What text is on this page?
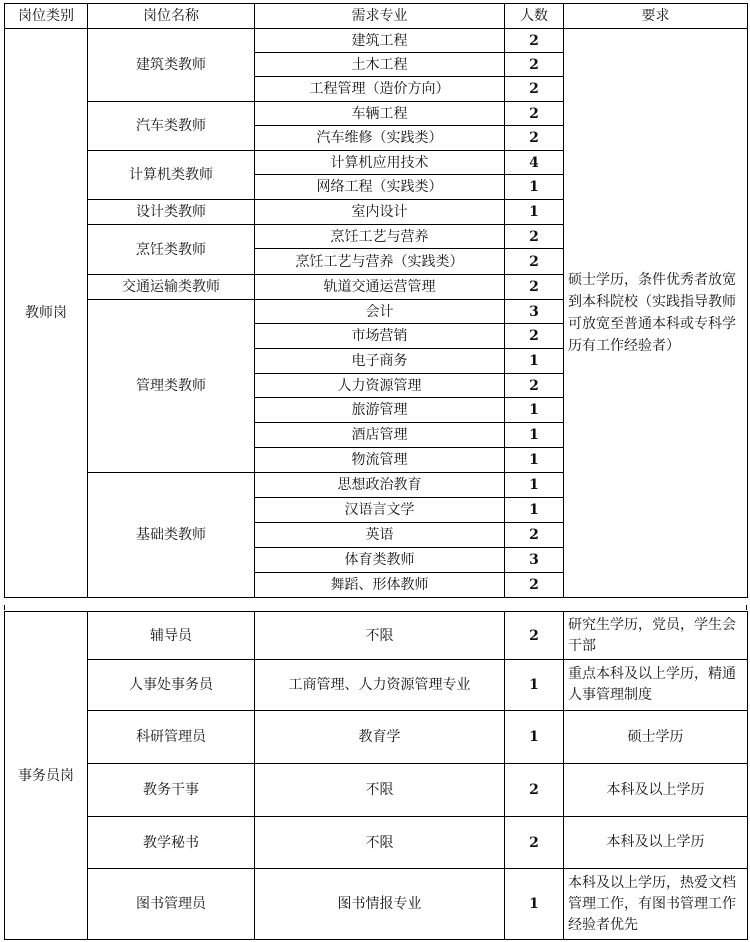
岗位类别	岗位名称	需求专业	人数	要求
教师岗	建筑类教师	建筑工程	2	硕士学历，条件优秀者放宽到本科院校（实践指导教师可放宽至普通本科或专科学历有工作经验者）
		土木工程	2	
		工程管理（造价方向）	2	
	汽车类教师	车辆工程	2	
		汽车维修（实践类）	2	
	计算机类教师	计算机应用技术	4	
		网络工程（实践类）	1	
	设计类教师	室内设计	1	
	烹饪类教师	烹饪工艺与营养	2	
		烹饪工艺与营养（实践类）	2	
	交通运输类教师	轨道交通运营管理	2	
	管理类教师	会计	3	
		市场营销	2	
		电子商务	1	
		人力资源管理	2	
		旅游管理	1	
		酒店管理	1	
		物流管理	1	
	基础类教师	思想政治教育	1	
		汉语言文学	1	
		英语	2	
		体育类教师	3	
		舞蹈、形体教师	2	
事务员岗	辅导员	不限	2	研究生学历，党员，学生会干部
	人事处事务员	工商管理、人力资源管理专业	1	重点本科及以上学历，精通人事管理制度
	科研管理员	教育学	1	硕士学历
	教务干事	不限	2	本科及以上学历
	教学秘书	不限	2	本科及以上学历
	图书管理员	图书情报专业	1	本科及以上学历，热爱文档管理工作，有图书管理工作经验者优先
